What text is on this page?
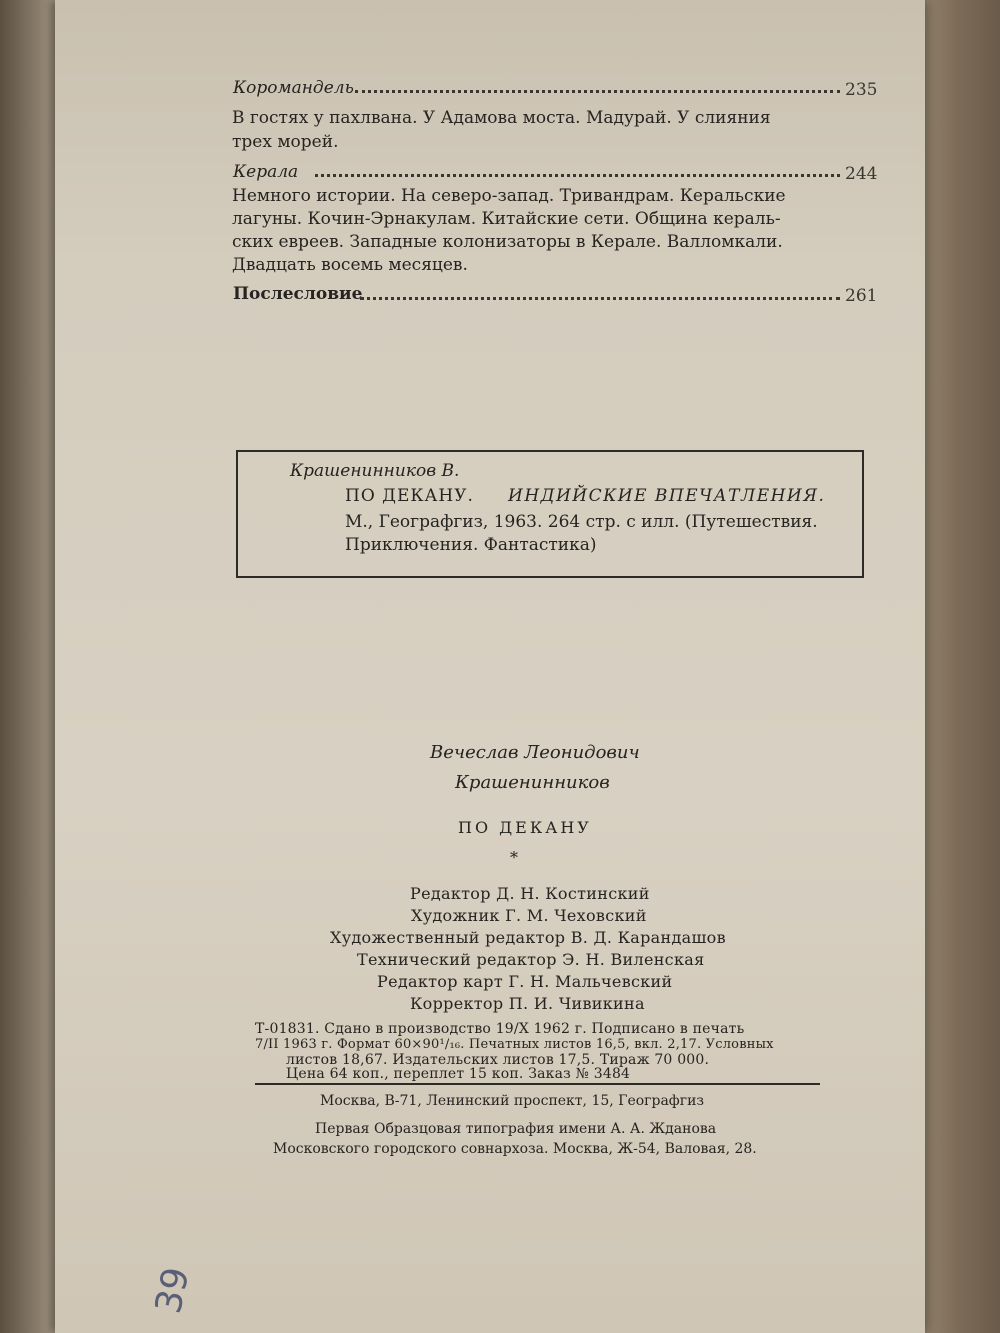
Коромандель	235
В гостях у пахлвана. У Адамова моста. Мадурай. У слияния
трех морей.
Керала	244
Немного истории. На северо-запад. Тривандрам. Керальские
лагуны. Кочин-Эрнакулам. Китайские сети. Община кераль-
ских евреев. Западные колонизаторы в Керале. Валломкали.
Двадцать восемь месяцев.
Послесловие	261
Крашенинников В.
ПО ДЕКАНУ. ИНДИЙСКИЕ ВПЕЧАТЛЕНИЯ.
М., Географгиз, 1963. 264 стр. с илл. (Путешествия.
Приключения. Фантастика)
Вечеслав Леонидович
Крашенинников
ПО ДЕКАНУ
*
Редактор Д. Н. Костинский
Художник Г. М. Чеховский
Художественный редактор В. Д. Карандашов
Технический редактор Э. Н. Виленская
Редактор карт Г. Н. Мальчевский
Корректор П. И. Чивикина
Т-01831. Сдано в производство 19/X 1962 г. Подписано в печать
7/II 1963 г. Формат 60×90¹/₁₆. Печатных листов 16,5, вкл. 2,17. Условных
листов 18,67. Издательских листов 17,5. Тираж 70 000.
Цена 64 коп., переплет 15 коп. Заказ № 3484
Москва, В-71, Ленинский проспект, 15, Географгиз
Первая Образцовая типография имени А. А. Жданова
Московского городского совнархоза. Москва, Ж-54, Валовая, 28.
39
